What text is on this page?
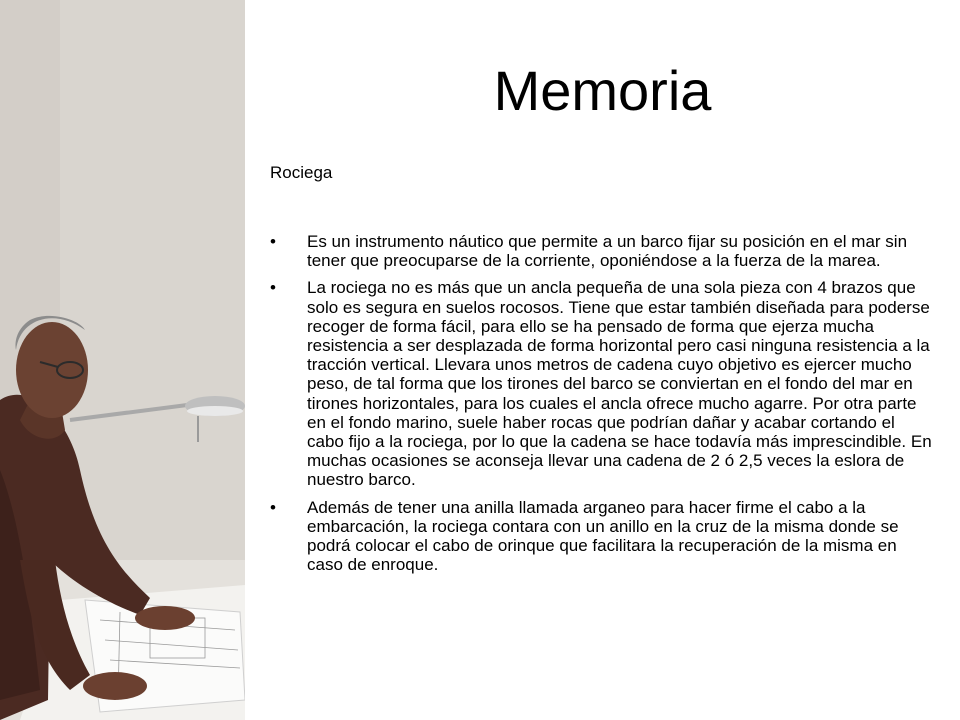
Memoria
Rociega
• Es un instrumento náutico que permite a un barco fijar su posición en el mar sin tener que preocuparse de la corriente, oponiéndose a la fuerza de la marea.
• La rociega no es más que un ancla pequeña de una sola pieza con 4 brazos que solo es segura en suelos rocosos. Tiene que estar también diseñada para poderse recoger de forma fácil, para ello se ha pensado de forma que ejerza mucha resistencia a ser desplazada de forma horizontal pero casi ninguna resistencia a la tracción vertical. Llevara unos metros de cadena cuyo objetivo es ejercer mucho peso, de tal forma que los tirones del barco se conviertan en el fondo del mar en tirones horizontales, para los cuales el ancla ofrece mucho agarre. Por otra parte en el fondo marino, suele haber rocas que podrían dañar y acabar cortando el cabo fijo a la rociega, por lo que la cadena se hace todavía más imprescindible. En muchas ocasiones se aconseja llevar una cadena de 2 ó 2,5 veces la eslora de nuestro barco.
• Además de tener una anilla llamada arganeo para hacer firme el cabo a la embarcación, la rociega contara con un anillo en la cruz de la misma donde se podrá colocar el cabo de orinque que facilitara la recuperación de la misma en caso de enroque.
